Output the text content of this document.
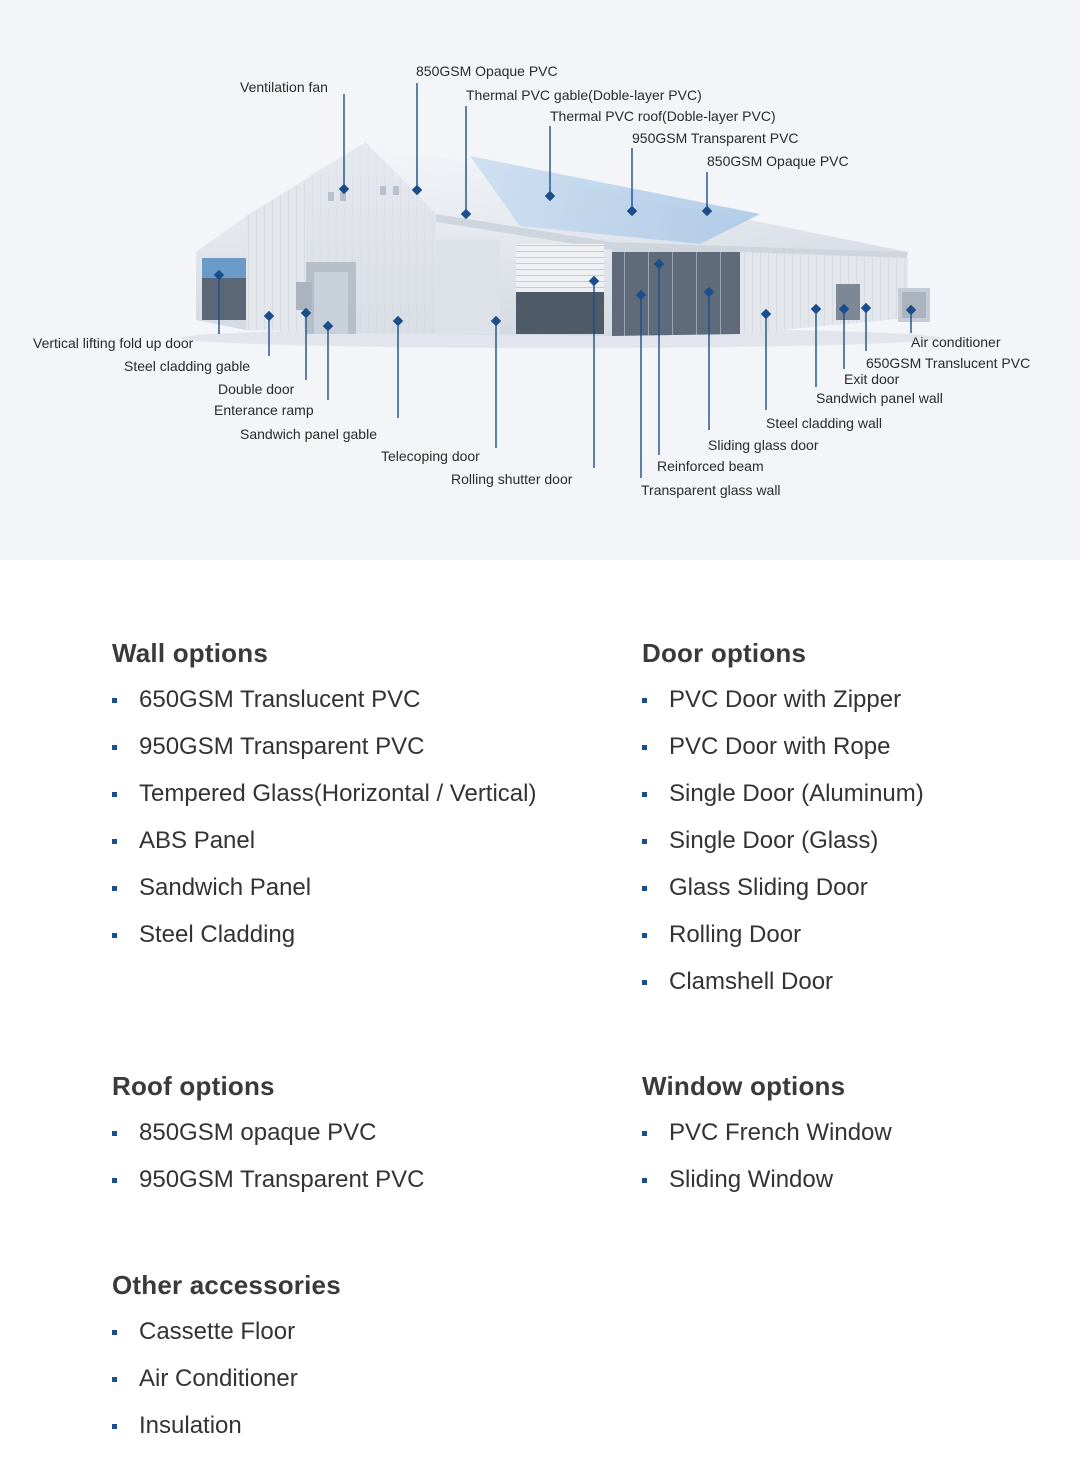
Ventilation fan
850GSM Opaque PVC
Thermal PVC gable(Doble-layer PVC)
Thermal PVC roof(Doble-layer PVC)
950GSM Transparent PVC
850GSM Opaque PVC
Vertical lifting fold up door
Steel cladding gable
Double door
Enterance ramp
Sandwich panel gable
Telecoping door
Rolling shutter door
Transparent glass wall
Reinforced beam
Sliding glass door
Steel cladding wall
Sandwich panel wall
Exit door
650GSM Translucent PVC
Air conditioner
Wall options
650GSM Translucent PVC
950GSM Transparent PVC
Tempered Glass(Horizontal / Vertical)
ABS Panel
Sandwich Panel
Steel Cladding
Door options
PVC Door with Zipper
PVC Door with Rope
Single Door (Aluminum)
Single Door (Glass)
Glass Sliding Door
Rolling Door
Clamshell Door
Roof options
850GSM opaque PVC
950GSM Transparent PVC
Window options
PVC French Window
Sliding Window
Other accessories
Cassette Floor
Air Conditioner
Insulation
